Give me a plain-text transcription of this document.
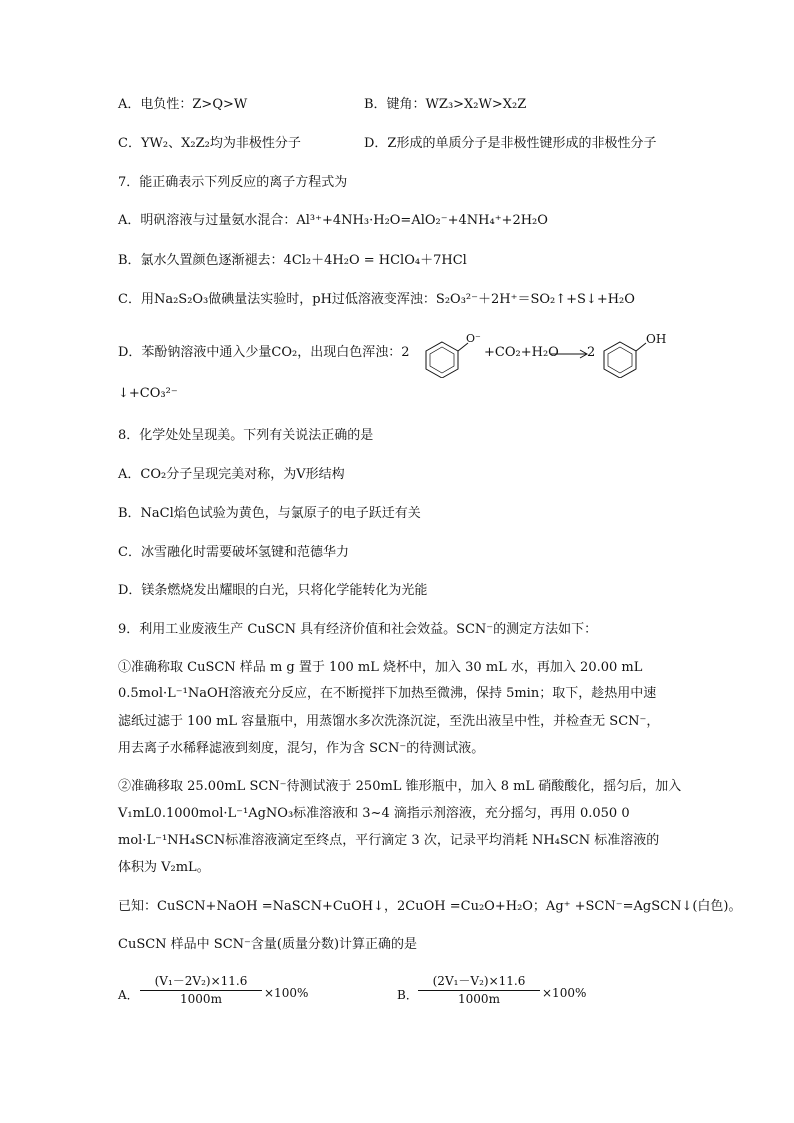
A．电负性：Z>Q>W	B．键角：WZ₃>X₂W>X₂Z
C．YW₂、X₂Z₂均为非极性分子	D．Z形成的单质分子是非极性键形成的非极性分子
7．能正确表示下列反应的离子方程式为
A．明矾溶液与过量氨水混合：Al³⁺+4NH₃·H₂O=AlO₂⁻+4NH₄⁺+2H₂O
B．氯水久置颜色逐渐褪去：4Cl₂＋4H₂O = HClO₄＋7HCl
C．用Na₂S₂O₃做碘量法实验时，pH过低溶液变浑浊：S₂O₃²⁻＋2H⁺＝SO₂↑+S↓+H₂O
D．苯酚钠溶液中通入少量CO₂，出现白色浑浊：2
O⁻
+CO₂+H₂O 2
OH
↓+CO₃²⁻
8．化学处处呈现美。下列有关说法正确的是
A．CO₂分子呈现完美对称，为V形结构
B．NaCl焰色试验为黄色，与氯原子的电子跃迁有关
C．冰雪融化时需要破坏氢键和范德华力
D．镁条燃烧发出耀眼的白光，只将化学能转化为光能
9．利用工业废液生产 CuSCN 具有经济价值和社会效益。SCN⁻的测定方法如下：
①准确称取 CuSCN 样品 m g 置于 100 mL 烧杯中，加入 30 mL 水，再加入 20.00 mL
0.5mol·L⁻¹NaOH溶液充分反应，在不断搅拌下加热至微沸，保持 5min；取下，趁热用中速
滤纸过滤于 100 mL 容量瓶中，用蒸馏水多次洗涤沉淀，至洗出液呈中性，并检查无 SCN⁻，
用去离子水稀释滤液到刻度，混匀，作为含 SCN⁻的待测试液。
②准确移取 25.00mL SCN⁻待测试液于 250mL 锥形瓶中，加入 8 mL 硝酸酸化，摇匀后，加入
V₁mL0.1000mol·L⁻¹AgNO₃标准溶液和 3~4 滴指示剂溶液，充分摇匀，再用 0.050 0
mol·L⁻¹NH₄SCN标准溶液滴定至终点，平行滴定 3 次，记录平均消耗 NH₄SCN 标准溶液的
体积为 V₂mL。
已知：CuSCN+NaOH =NaSCN+CuOH↓，2CuOH =Cu₂O+H₂O；Ag⁺ +SCN⁻=AgSCN↓(白色)。
CuSCN 样品中 SCN⁻含量(质量分数)计算正确的是
A． $\frac{\text{(V₁－2V₂)×11.6}}{1000m} \times 100\%$	B． $\frac{\text{(2V₁－V₂)×11.6}}{1000m} \times 100\%$
